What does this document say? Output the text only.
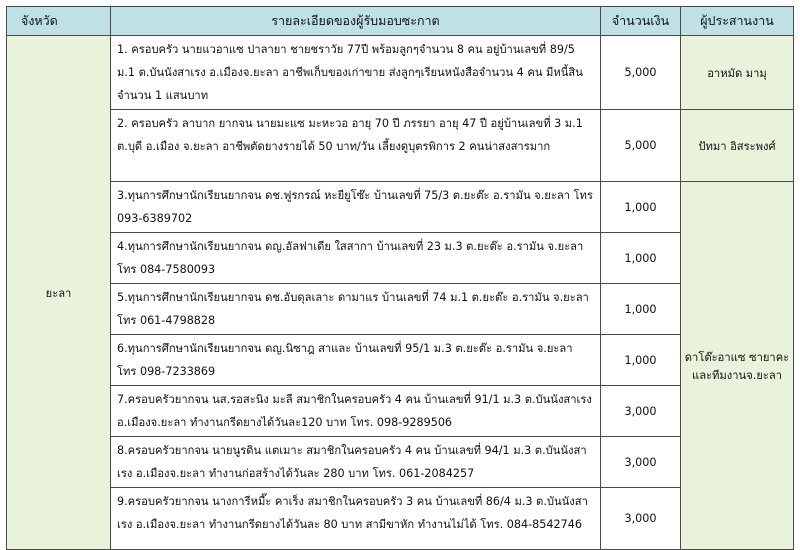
จังหวัด	รายละเอียดของผู้รับมอบซะกาต	จำนวนเงิน	ผู้ประสานงาน
ยะลา	1. ครอบครัว นายแวอาแซ ปาลายา ชายชราวัย 77ปี พร้อมลูกๆจำนวน 8 คน อยู่บ้านเลขที่ 89/5 ม.1 ต.บันนังสาเรง อ.เมืองจ.ยะลา อาชีพเก็บของเก่าขาย ส่งลูกๆเรียนหนังสือจำนวน 4 คน มีหนี้สินจำนวน 1 แสนบาท	5,000	อาหมัด มามุ
	2. ครอบครัว ลาบาก ยากจน นายมะแซ มะหะวอ อายุ 70 ปี ภรรยา อายุ 47 ปี อยู่บ้านเลขที่ 3 ม.1 ต.บุดี อ.เมือง จ.ยะลา อาชีพตัดยางรายได้ 50 บาท/วัน เลี้ยงดูบุตรพิการ 2 คนน่าสงสารมาก	5,000	ปัทมา อิสระพงศ์
	3.ทุนการศึกษานักเรียนยากจน ดช.ฟูรกรณ์ หะยียูโซ๊ะ บ้านเลขที่ 75/3 ต.ยะต๊ะ อ.รามัน จ.ยะลา โทร 093-6389702	1,000	ดาโต๊ะอาแซ ซายาคะ และทีมงานจ.ยะลา
	4.ทุนการศึกษานักเรียนยากจน ดญ.อัลฟาเดีย ใสสากา บ้านเลขที่ 23 ม.3 ต.ยะต๊ะ อ.รามัน จ.ยะลา โทร 084-7580093	1,000	
	5.ทุนการศึกษานักเรียนยากจน ดช.อับดุลเลาะ ดามาแร บ้านเลขที่ 74 ม.1 ต.ยะต๊ะ อ.รามัน จ.ยะลา โทร 061-4798828	1,000	
	6.ทุนการศึกษานักเรียนยากจน ดญ.นิซาฎ สาและ บ้านเลขที่ 95/1 ม.3 ต.ยะต๊ะ อ.รามัน จ.ยะลา โทร 098-7233869	1,000	
	7.ครอบครัวยากจน นส.รอสะนิง มะลี สมาชิกในครอบครัว 4 คน บ้านเลขที่ 91/1 ม.3 ต.บันนังสาเรง อ.เมืองจ.ยะลา ทำงานกรีดยางได้วันละ120 บาท โทร. 098-9289506	3,000	
	8.ครอบครัวยากจน นายนูรดิน แตเมาะ สมาชิกในครอบครัว 4 คน บ้านเลขที่ 94/1 ม.3 ต.บันนังสาเรง อ.เมืองจ.ยะลา ทำงานก่อสร้างได้วันละ 280 บาท โทร. 061-2084257	3,000	
	9.ครอบครัวยากจน นางการีหมี๊ะ คาเร็ง สมาชิกในครอบครัว 3 คน บ้านเลขที่ 86/4 ม.3 ต.บันนังสาเรง อ.เมืองจ.ยะลา ทำงานกรีดยางได้วันละ 80 บาท สามีขาหัก ทำงานไม่ได้ โทร. 084-8542746	3,000	
